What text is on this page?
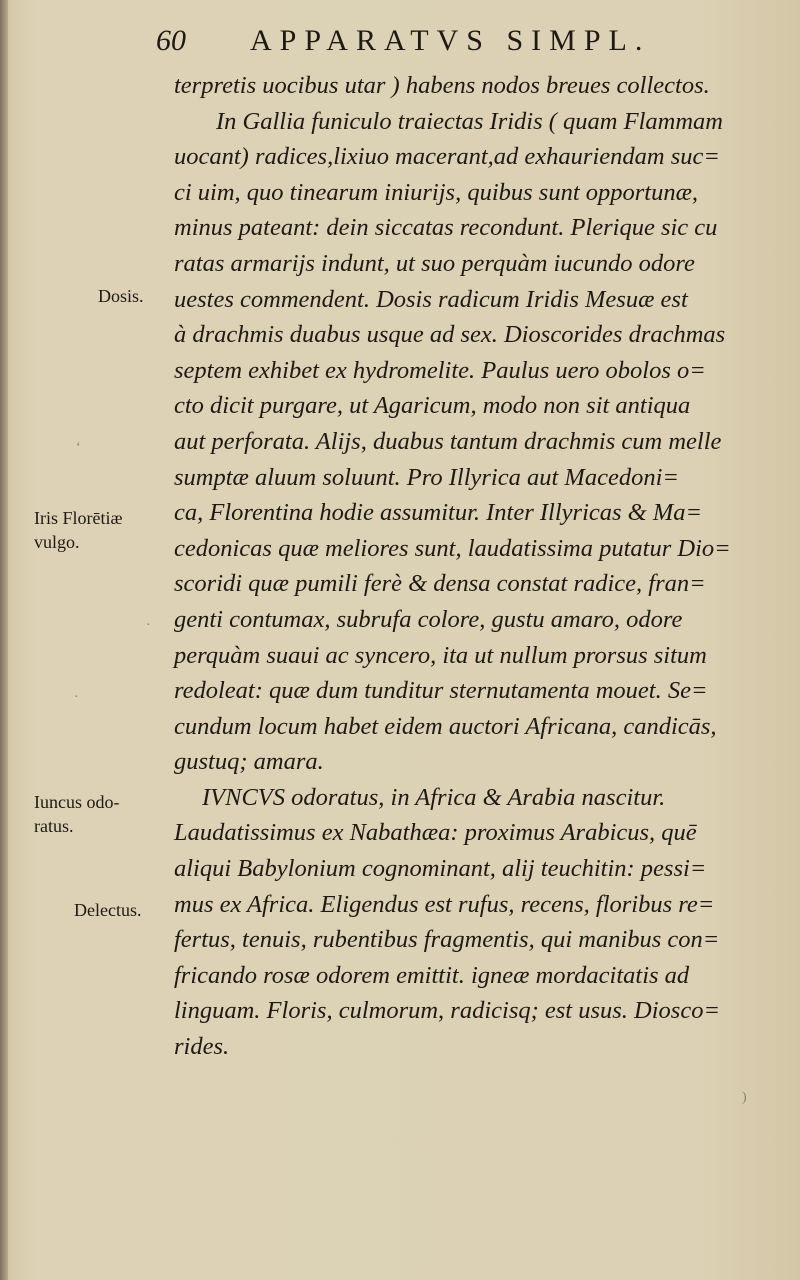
60 APPARATVS SIMPL.
terpretis uocibus utar ) habens nodos breues collectos.
In Gallia funiculo traiectas Iridis ( quam Flammam
uocant) radices,lixiuo macerant,ad exhauriendam suc=
ci uim, quo tinearum iniurijs, quibus sunt opportunæ,
minus pateant: dein siccatas recondunt. Plerique sic cu
ratas armarijs indunt, ut suo perquàm iucundo odore
uestes commendent. Dosis radicum Iridis Mesuæ est
à drachmis duabus usque ad sex. Dioscorides drachmas
septem exhibet ex hydromelite. Paulus uero obolos o=
cto dicit purgare, ut Agaricum, modo non sit antiqua
aut perforata. Alijs, duabus tantum drachmis cum melle
sumptæ aluum soluunt. Pro Illyrica aut Macedoni=
ca, Florentina hodie assumitur. Inter Illyricas & Ma=
cedonicas quæ meliores sunt, laudatissima putatur Dio=
scoridi quæ pumili ferè & densa constat radice, fran=
genti contumax, subrufa colore, gustu amaro, odore
perquàm suaui ac syncero, ita ut nullum prorsus situm
redoleat: quæ dum tunditur sternutamenta mouet. Se=
cundum locum habet eidem auctori Africana, candicās,
gustuq; amara.
IVNCVS odoratus, in Africa & Arabia nascitur.
Laudatissimus ex Nabathæa: proximus Arabicus, quē
aliqui Babylonium cognominant, alij teuchitin: pessi=
mus ex Africa. Eligendus est rufus, recens, floribus re=
fertus, tenuis, rubentibus fragmentis, qui manibus con=
fricando rosæ odorem emittit. igneæ mordacitatis ad
linguam. Floris, culmorum, radicisq; est usus. Diosco=
rides.
Dosis.
Iris Florētiæ
vulgo.
Iuncus odo-
ratus.
Delectus.
‘
·
·
)
